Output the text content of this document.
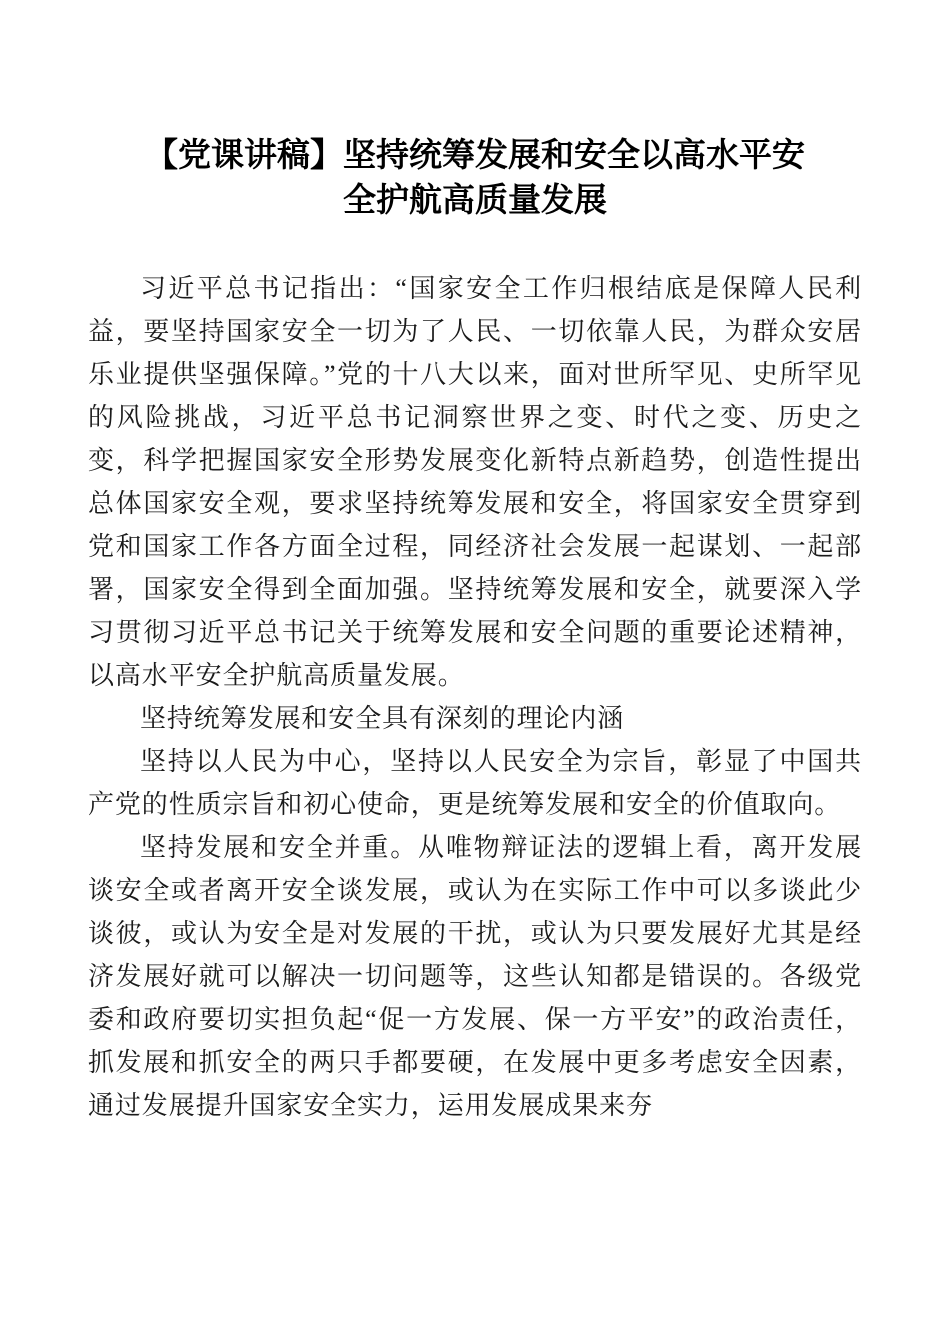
【党课讲稿】坚持统筹发展和安全以高水平安
全护航高质量发展

习近平总书记指出：“国家安全工作归根结底是保障人民利益，要坚持国家安全一切为了人民、一切依靠人民，为群众安居乐业提供坚强保障。”党的十八大以来，面对世所罕见、史所罕见的风险挑战，习近平总书记洞察世界之变、时代之变、历史之变，科学把握国家安全形势发展变化新特点新趋势，创造性提出总体国家安全观，要求坚持统筹发展和安全，将国家安全贯穿到党和国家工作各方面全过程，同经济社会发展一起谋划、一起部署，国家安全得到全面加强。坚持统筹发展和安全，就要深入学习贯彻习近平总书记关于统筹发展和安全问题的重要论述精神，以高水平安全护航高质量发展。

坚持统筹发展和安全具有深刻的理论内涵

坚持以人民为中心，坚持以人民安全为宗旨，彰显了中国共产党的性质宗旨和初心使命，更是统筹发展和安全的价值取向。

坚持发展和安全并重。从唯物辩证法的逻辑上看，离开发展谈安全或者离开安全谈发展，或认为在实际工作中可以多谈此少谈彼，或认为安全是对发展的干扰，或认为只要发展好尤其是经济发展好就可以解决一切问题等，这些认知都是错误的。各级党委和政府要切实担负起“促一方发展、保一方平安”的政治责任，抓发展和抓安全的两只手都要硬，在发展中更多考虑安全因素，通过发展提升国家安全实力，运用发展成果来夯
